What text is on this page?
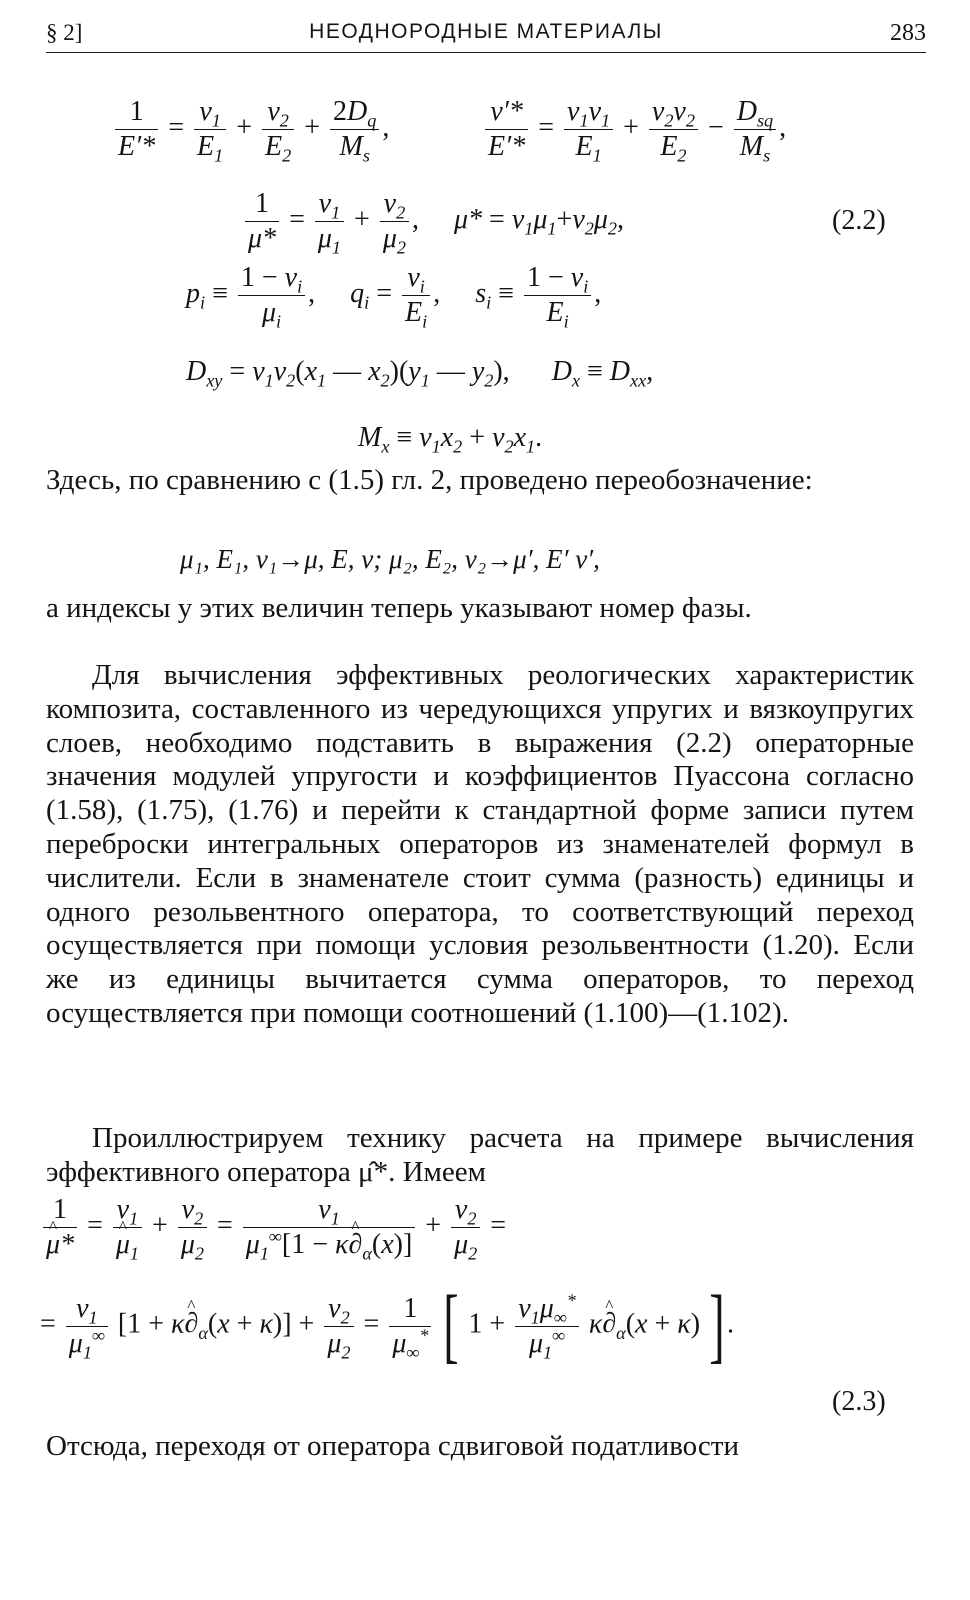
§ 2]	НЕОДНОРОДНЫЕ МАТЕРИАЛЫ	283
$\frac{1}{E'*} = \frac{v_1}{E_1} + \frac{v_2}{E_2} + \frac{2D_q}{M_s}$ ,	$\frac{\nu'*}{E'*} = \frac{v_1\nu_1}{E_1} + \frac{v_2\nu_2}{E_2} - \frac{D_{sq}}{M_s}$ ,
$\frac{1}{\mu*} = \frac{v_1}{\mu_1} + \frac{v_2}{\mu_2}$ ,     $\mu* = v_1\mu_1+v_2\mu_2$,	(2.2)
$p_i \equiv \frac{1 - \nu_i}{\mu_i}$ ,     $q_i = \frac{\nu_i}{E_i}$ ,     $s_i \equiv \frac{1 - \nu_i}{E_i}$ ,
$D_{xy} = v_1v_2(x_1$ — $x_2)(y_1$ — $y_2$),      $D_x \equiv D_{xx}$,
$M_x \equiv v_1x_2 + v_2x_1$.
Здесь, по сравнению с (1.5) гл. 2, проведено переобозначение:
μ₁, E₁, ν₁→μ, E, ν; μ₂, E₂, ν₂→μ′, E′ ν′,
а индексы у этих величин теперь указывают номер фазы.
Для вычисления эффективных реологических характеристик композита, составленного из чередующихся упругих и вязкоупругих слоев, необходимо подставить в выражения (2.2) операторные значения модулей упругости и коэффициентов Пуассона согласно (1.58), (1.75), (1.76) и перейти к стандартной форме записи путем переброски интегральных операторов из знаменателей формул в числители. Если в знаменателе стоит сумма (разность) единицы и одного резольвентного оператора, то соответствующий переход осуществляется при помощи условия резольвентности (1.20). Если же из единицы вычитается сумма операторов, то переход осуществляется при помощи соотношений (1.100)—(1.102).
Проиллюстрируем технику расчета на примере вычисления эффективного оператора μ̂*. Имеем
1
^ $\mu* = v_1$
^ $\mu_1 + \frac{v_2}{\mu_2} = \frac{v_1}{\mu_1^\infty[1 - \kappa\^{} \partial_\alpha(x)]} + \frac{v_2}{\mu_2}$ =
= $\frac{v_1}{\mu_1^\infty} [1$ + κ^ $\partial_\alpha(x + \kappa)] + \frac{v_2}{\mu_2} = \frac{1}{\mu_\infty^*}$ [ $1 + \frac{v_1\mu_\infty^*}{\mu_1^\infty}$ κ^ $\partial_\alpha(x + \kappa)$ ].
(2.3)
Отсюда, переходя от оператора сдвиговой податливости
